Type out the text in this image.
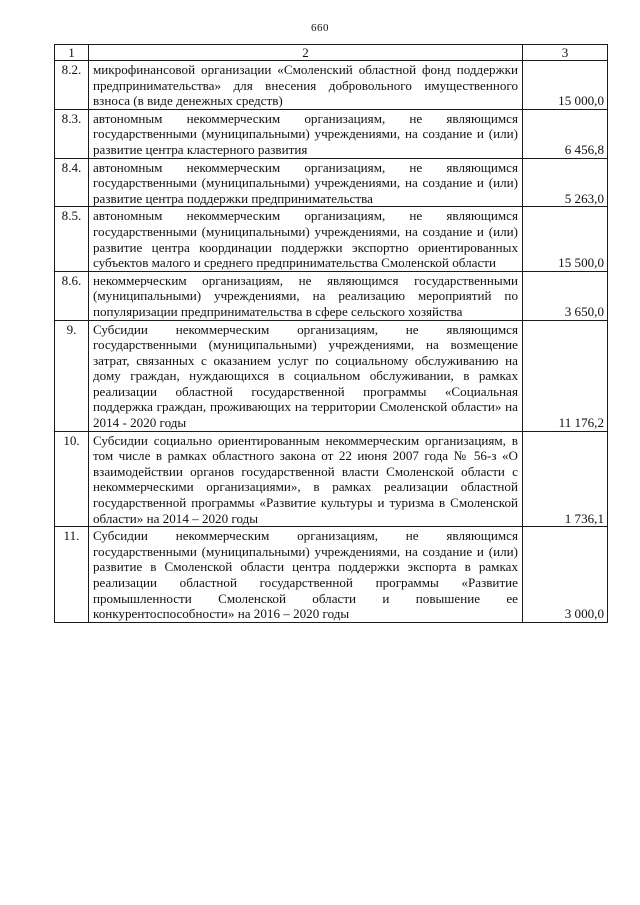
660
1	2	3
8.2.	микрофинансовой организации «Смоленский областной фонд поддержки предпринимательства» для внесения добровольного имущественного взноса (в виде денежных средств)	15 000,0
8.3.	автономным некоммерческим организациям, не являющимся государственными (муниципальными) учреждениями, на создание и (или) развитие центра кластерного развития	6 456,8
8.4.	автономным некоммерческим организациям, не являющимся государственными (муниципальными) учреждениями, на создание и (или) развитие центра поддержки предпринимательства	5 263,0
8.5.	автономным некоммерческим организациям, не являющимся государственными (муниципальными) учреждениями, на создание и (или) развитие центра координации поддержки экспортно ориентированных субъектов малого и среднего предпринимательства Смоленской области	15 500,0
8.6.	некоммерческим организациям, не являющимся государственными (муниципальными) учреждениями, на реализацию мероприятий по популяризации предпринимательства в сфере сельского хозяйства	3 650,0
9.	Субсидии некоммерческим организациям, не являющимся государственными (муниципальными) учреждениями, на возмещение затрат, связанных с оказанием услуг по социальному обслуживанию на дому граждан, нуждающихся в социальном обслуживании, в рамках реализации областной государственной программы «Социальная поддержка граждан, проживающих на территории Смоленской области» на 2014 - 2020 годы	11 176,2
10.	Субсидии социально ориентированным некоммерческим организациям, в том числе в рамках областного закона от 22 июня 2007 года № 56-з «О взаимодействии органов государственной власти Смоленской области с некоммерческими организациями», в рамках реализации областной государственной программы «Развитие культуры и туризма в Смоленской области» на 2014 – 2020 годы	1 736,1
11.	Субсидии некоммерческим организациям, не являющимся государственными (муниципальными) учреждениями, на создание и (или) развитие в Смоленской области центра поддержки экспорта в рамках реализации областной государственной программы «Развитие промышленности Смоленской области и повышение ее конкурентоспособности» на 2016 – 2020 годы	3 000,0
